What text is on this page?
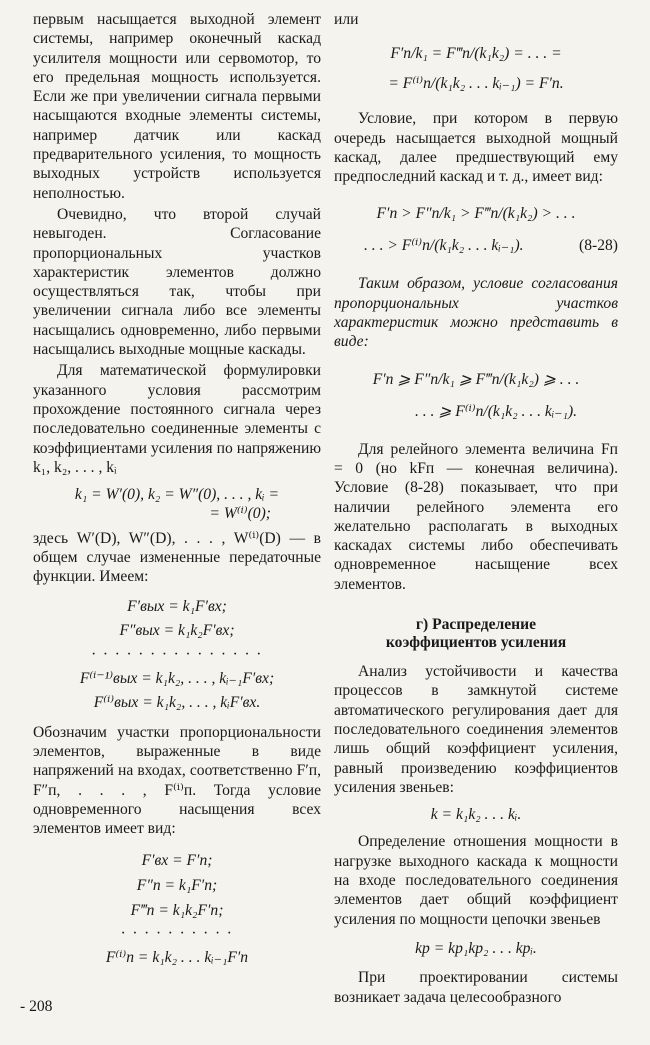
первым насыщается выходной элемент системы, например оконечный каскад усилителя мощности или сервомотор, то его предельная мощность используется. Если же при увеличении сигнала первыми насыщаются входные элементы системы, например датчик или каскад предварительного усиления, то мощность выходных устройств используется неполностью.

Очевидно, что второй случай невыгоден. Согласование пропорциональных участков характеристик элементов должно осуществляться так, чтобы при увеличении сигнала либо все элементы насыщались одновременно, либо первыми насыщались выходные мощные каскады.

Для математической формулировки указанного условия рассмотрим прохождение постоянного сигнала через последовательно соединенные элементы с коэффициентами усиления по напряжению k₁, k₂, . . . , kᵢ

k₁ = W′(0), k₂ = W″(0), . . . , kᵢ =
= W⁽ⁱ⁾(0);

здесь W′(D), W″(D), . . . , W⁽ⁱ⁾(D) — в общем случае измененные передаточные функции. Имеем:

F′вых = k₁F′вх;
F″вых = k₁k₂F′вх;
· · · · · · · · · · · · · · ·
F⁽ⁱ⁻¹⁾вых = k₁k₂, . . . , kᵢ₋₁F′вх;
F⁽ⁱ⁾вых = k₁k₂, . . . , kᵢF′вх.

Обозначим участки пропорциональности элементов, выраженные в виде напряжений на входах, соответственно F′п, F″п, . . . , F⁽ⁱ⁾п. Тогда условие одновременного насыщения всех элементов имеет вид:

F′вх = F′п;
F″п = k₁F′п;
F‴п = k₁k₂F′п;
· · · · · · · · · ·
F⁽ⁱ⁾п = k₁k₂ . . . kᵢ₋₁F′п

или

F′п/k₁ = F‴п/(k₁k₂) = . . . =
= F⁽ⁱ⁾п/(k₁k₂ . . . kᵢ₋₁) = F′п.

Условие, при котором в первую очередь насыщается выходной мощный каскад, далее предшествующий ему предпоследний каскад и т. д., имеет вид:

F′п > F″п/k₁ > F‴п/(k₁k₂) > . . .
. . . > F⁽ⁱ⁾п/(k₁k₂ . . . kᵢ₋₁).	(8-28)

Таким образом, условие согласования пропорциональных участков характеристик можно представить в виде:

F′п ⩾ F″п/k₁ ⩾ F‴п/(k₁k₂) ⩾ . . .
. . . ⩾ F⁽ⁱ⁾п/(k₁k₂ . . . kᵢ₋₁).

Для релейного элемента величина Fп = 0 (но kFп — конечная величина). Условие (8-28) показывает, что при наличии релейного элемента его желательно располагать в выходных каскадах системы либо обеспечивать одновременное насыщение всех элементов.

г) Распределение
коэффициентов усиления

Анализ устойчивости и качества процессов в замкнутой системе автоматического регулирования дает для последовательного соединения элементов лишь общий коэффициент усиления, равный произведению коэффициентов усиления звеньев:

k = k₁k₂ . . . kᵢ.

Определение отношения мощности в нагрузке выходного каскада к мощности на входе последовательного соединения элементов дает общий коэффициент усиления по мощности цепочки звеньев

kp = kp₁kp₂ . . . kpᵢ.

При проектировании системы возникает задача целесообразного

- 208
